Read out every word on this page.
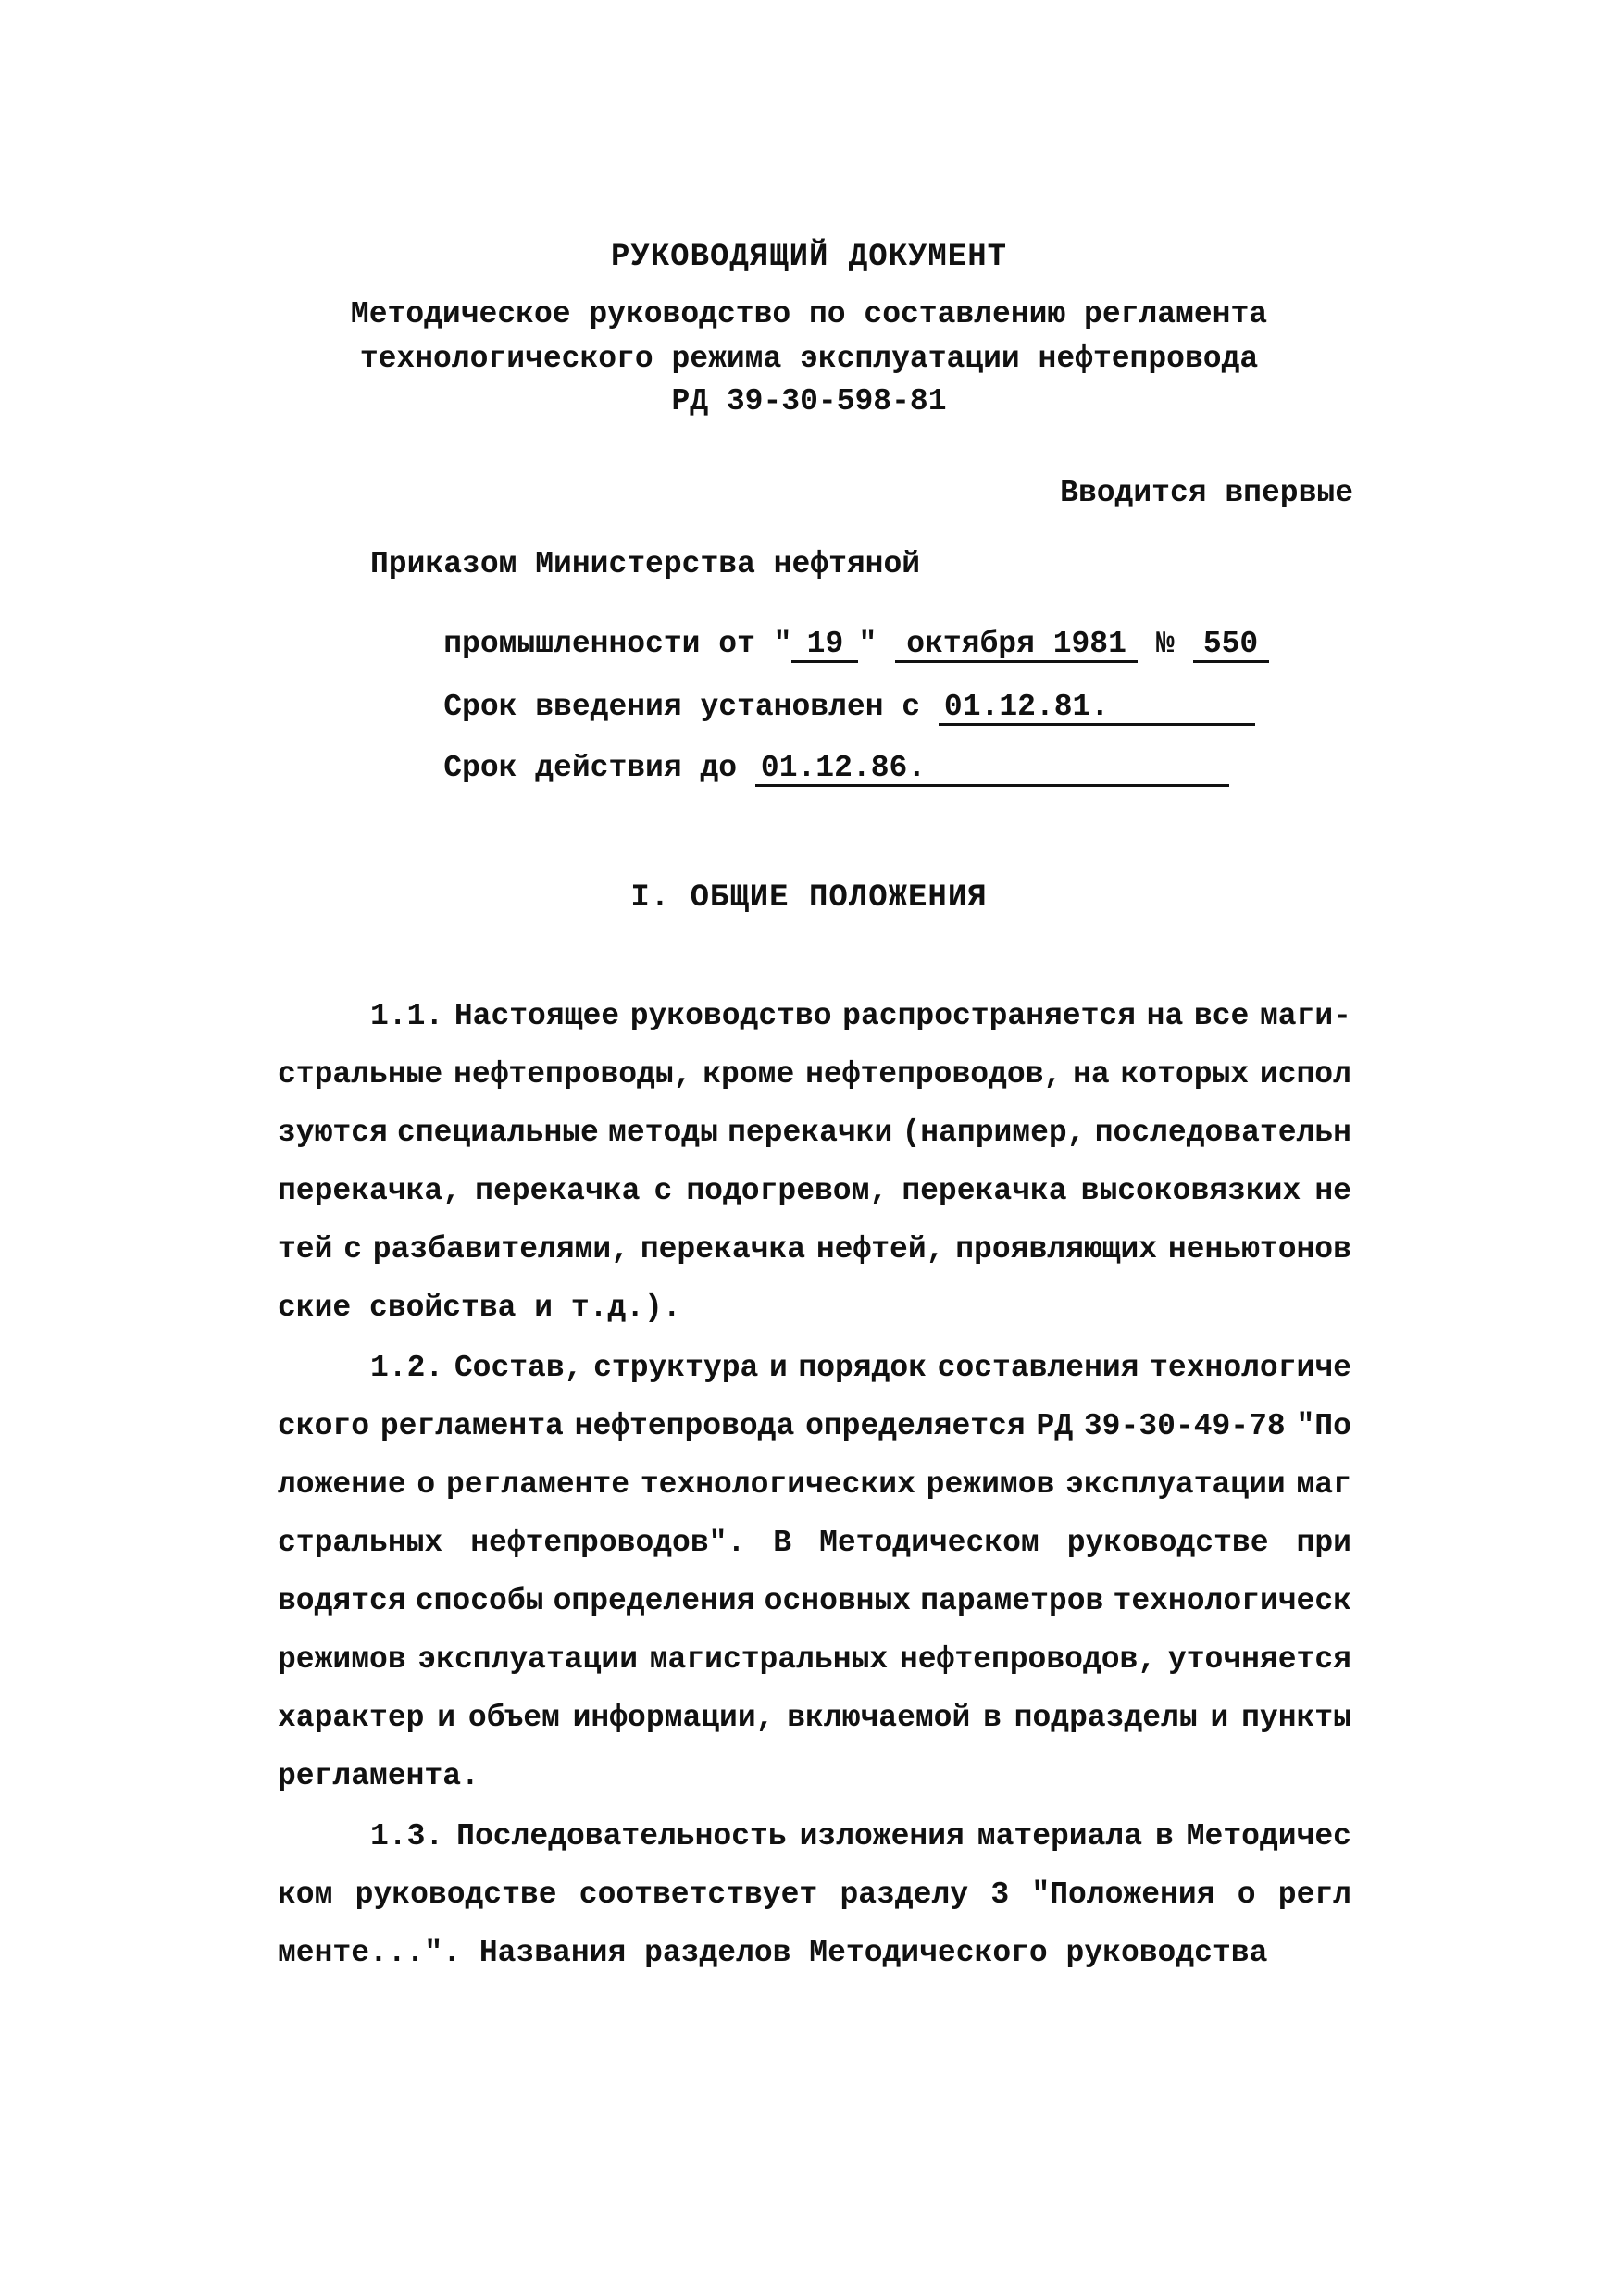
РУКОВОДЯЩИЙ ДОКУМЕНТ
Методическое руководство по составлению регламента
технологического режима эксплуатации нефтепровода
РД 39-30-598-81
Вводится впервые
Приказом Министерства нефтяной

промышленности от " 19 " октября 1981 № 550

Срок введения установлен с 01.12.81.

Срок действия до 01.12.86.

I. ОБЩИЕ ПОЛОЖЕНИЯ
1.1. Настоящее руководство распространяется на все маги-
стральные нефтепроводы, кроме нефтепроводов, на которых испол
зуются специальные методы перекачки (например, последовательн
перекачка, перекачка с подогревом, перекачка высоковязких не
тей с разбавителями, перекачка нефтей, проявляющих неньютонов
ские свойства и т.д.).
1.2. Состав, структура и порядок составления технологиче
ского регламента нефтепровода определяется РД 39-30-49-78 "По
ложение о регламенте технологических режимов эксплуатации маг
стральных нефтепроводов". В Методическом руководстве при
водятся способы определения основных параметров технологическ
режимов эксплуатации магистральных нефтепроводов, уточняется
характер и объем информации, включаемой в подразделы и пункты
регламента.
1.3. Последовательность изложения материала в Методичес
ком руководстве соответствует разделу 3 "Положения о регл
менте...". Названия разделов Методического руководства
